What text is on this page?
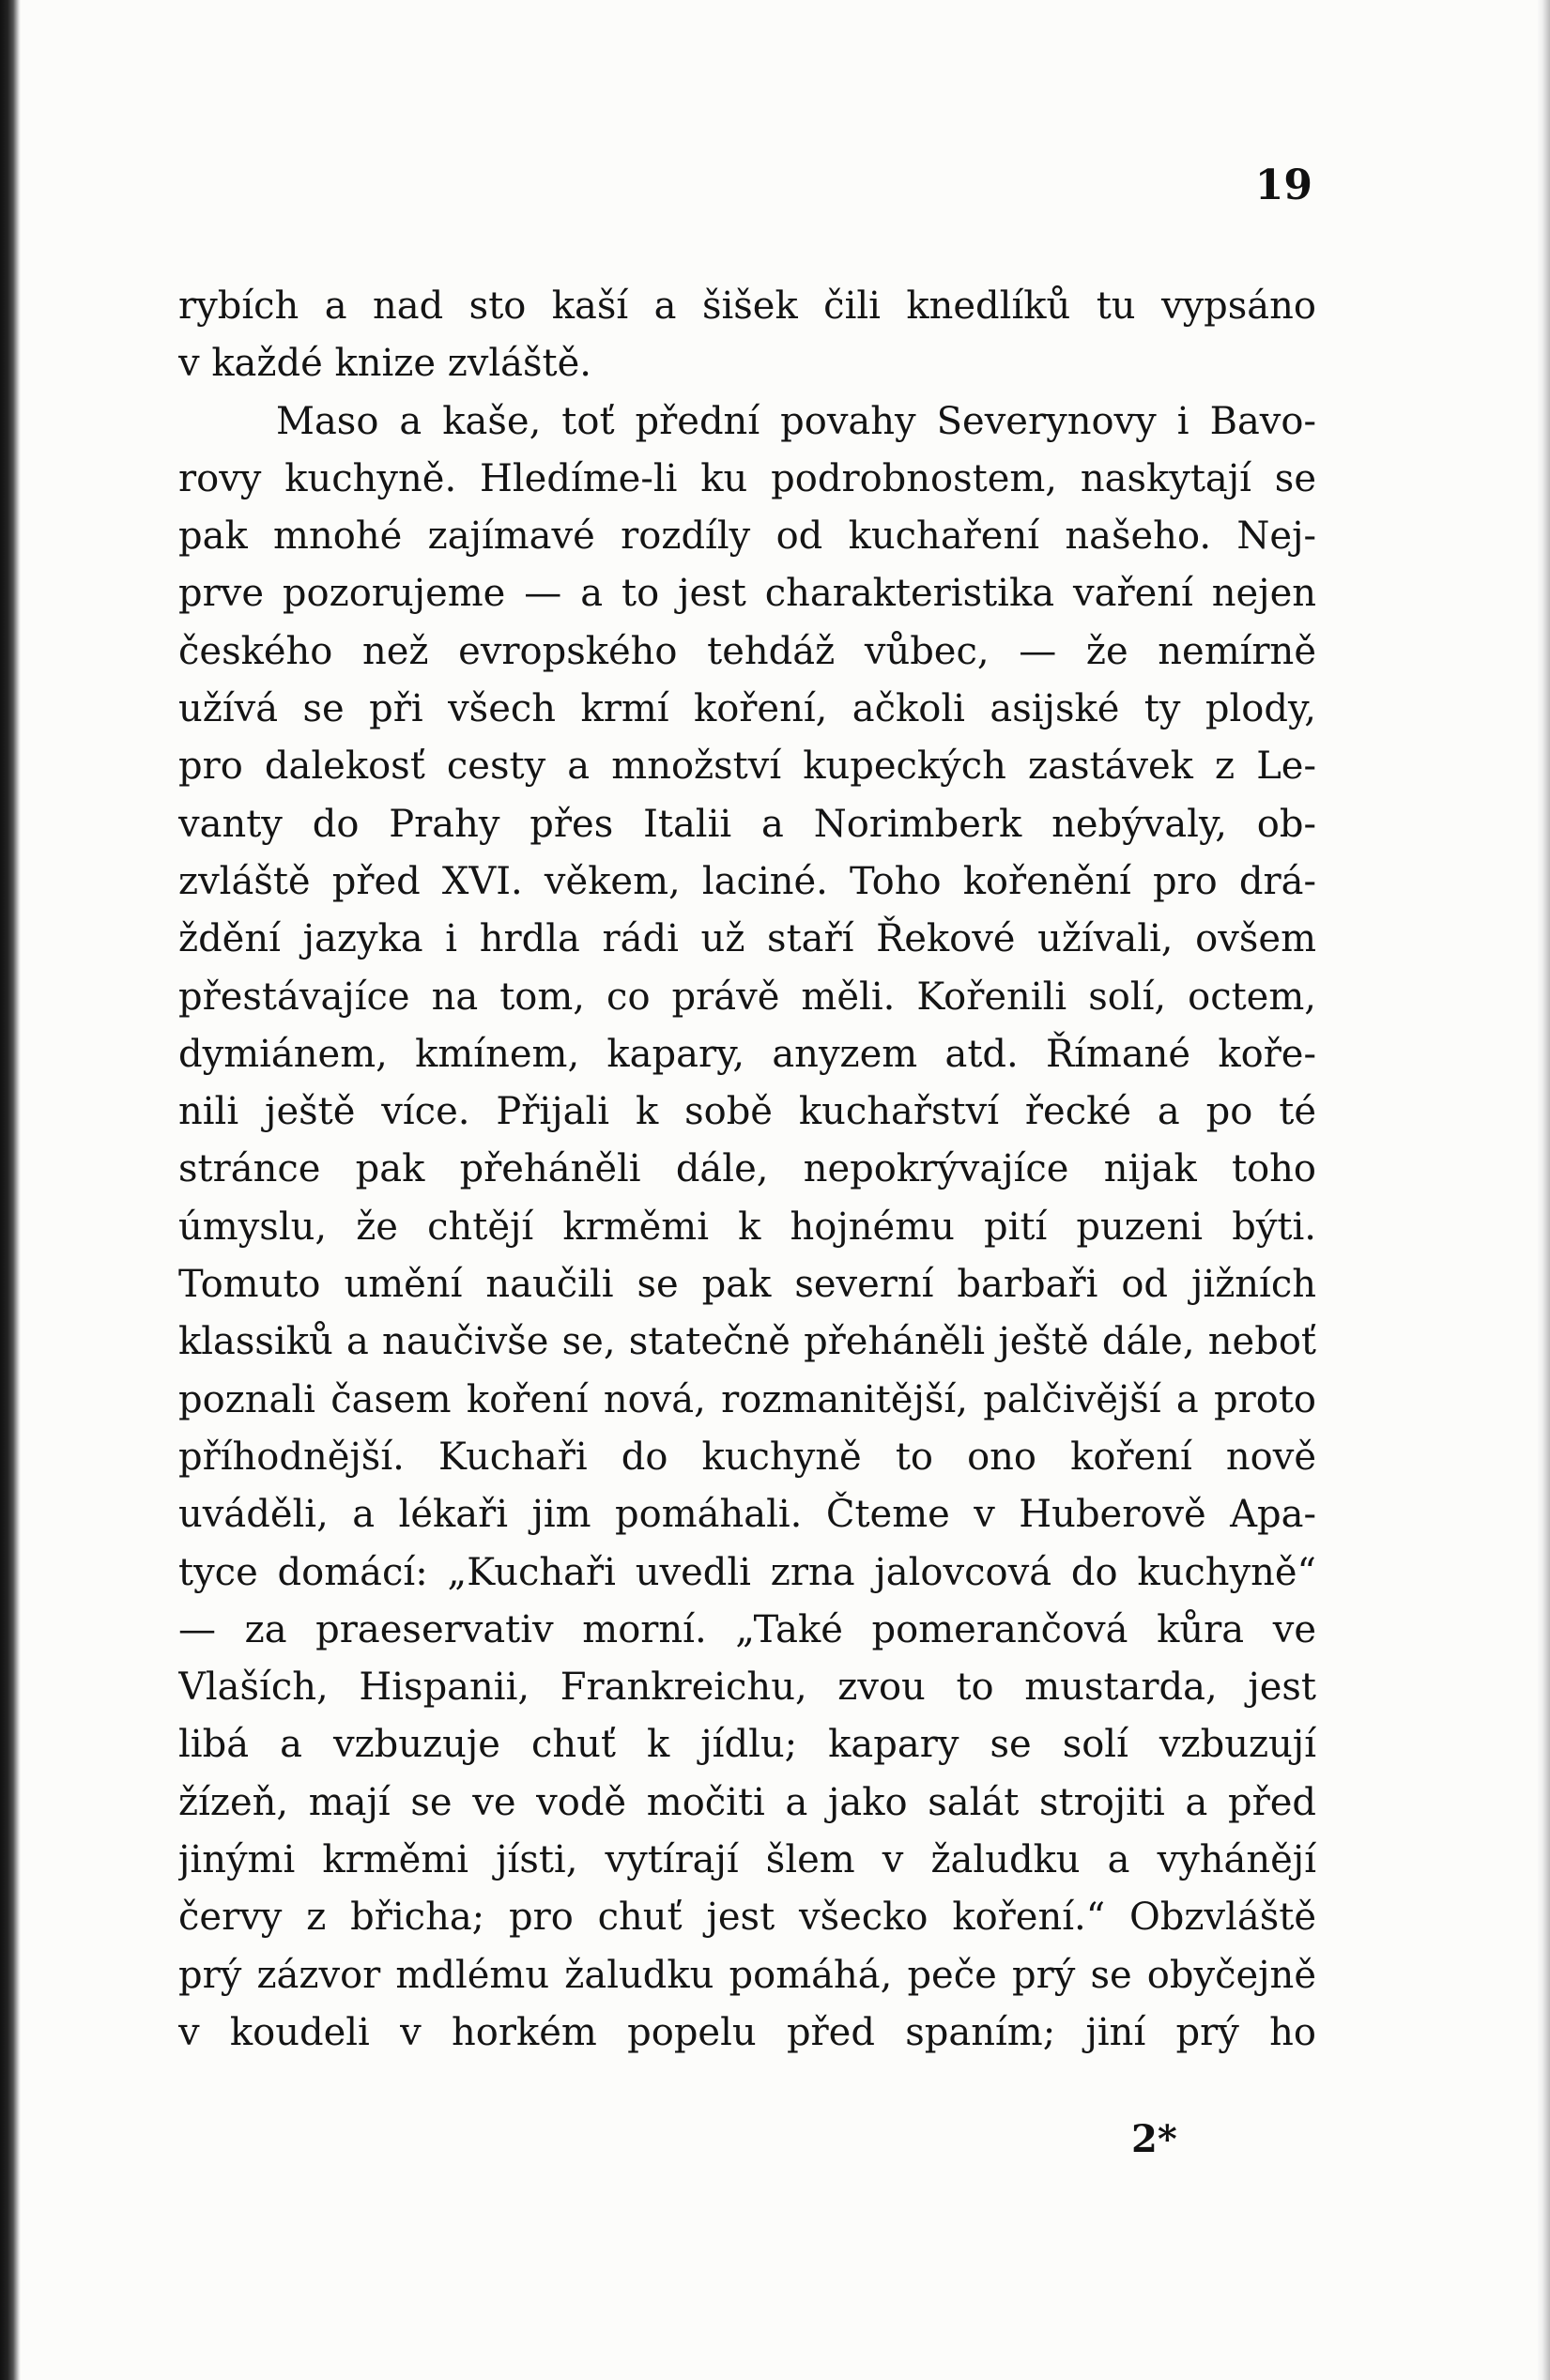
19
rybích a nad sto kaší a šišek čili knedlíků tu vypsáno
v každé knize zvláště.
Maso a kaše, toť přední povahy Severynovy i Bavo-
rovy kuchyně. Hledíme-li ku podrobnostem, naskytají se
pak mnohé zajímavé rozdíly od kuchaření našeho. Nej-
prve pozorujeme — a to jest charakteristika vaření nejen
českého než evropského tehdáž vůbec, — že nemírně
užívá se při všech krmí koření, ačkoli asijské ty plody,
pro dalekosť cesty a množství kupeckých zastávek z Le-
vanty do Prahy přes Italii a Norimberk nebývaly, ob-
zvláště před XVI. věkem, laciné. Toho kořenění pro drá-
ždění jazyka i hrdla rádi už staří Řekové užívali, ovšem
přestávajíce na tom, co právě měli. Kořenili solí, octem,
dymiánem, kmínem, kapary, anyzem atd. Římané koře-
nili ještě více. Přijali k sobě kuchařství řecké a po té
stránce pak přeháněli dále, nepokrývajíce nijak toho
úmyslu, že chtějí krměmi k hojnému pití puzeni býti.
Tomuto umění naučili se pak severní barbaři od jižních
klassiků a naučivše se, statečně přeháněli ještě dále, neboť
poznali časem koření nová, rozmanitější, palčivější a proto
příhodnější. Kuchaři do kuchyně to ono koření nově
uváděli, a lékaři jim pomáhali. Čteme v Huberově Apa-
tyce domácí: „Kuchaři uvedli zrna jalovcová do kuchyně“
— za praeservativ morní. „Také pomerančová kůra ve
Vlaších, Hispanii, Frankreichu, zvou to mustarda, jest
libá a vzbuzuje chuť k jídlu; kapary se solí vzbuzují
žízeň, mají se ve vodě močiti a jako salát strojiti a před
jinými krměmi jísti, vytírají šlem v žaludku a vyhánějí
červy z břicha; pro chuť jest všecko koření.“ Obzvláště
prý zázvor mdlému žaludku pomáhá, peče prý se obyčejně
v koudeli v horkém popelu před spaním; jiní prý ho
2*
